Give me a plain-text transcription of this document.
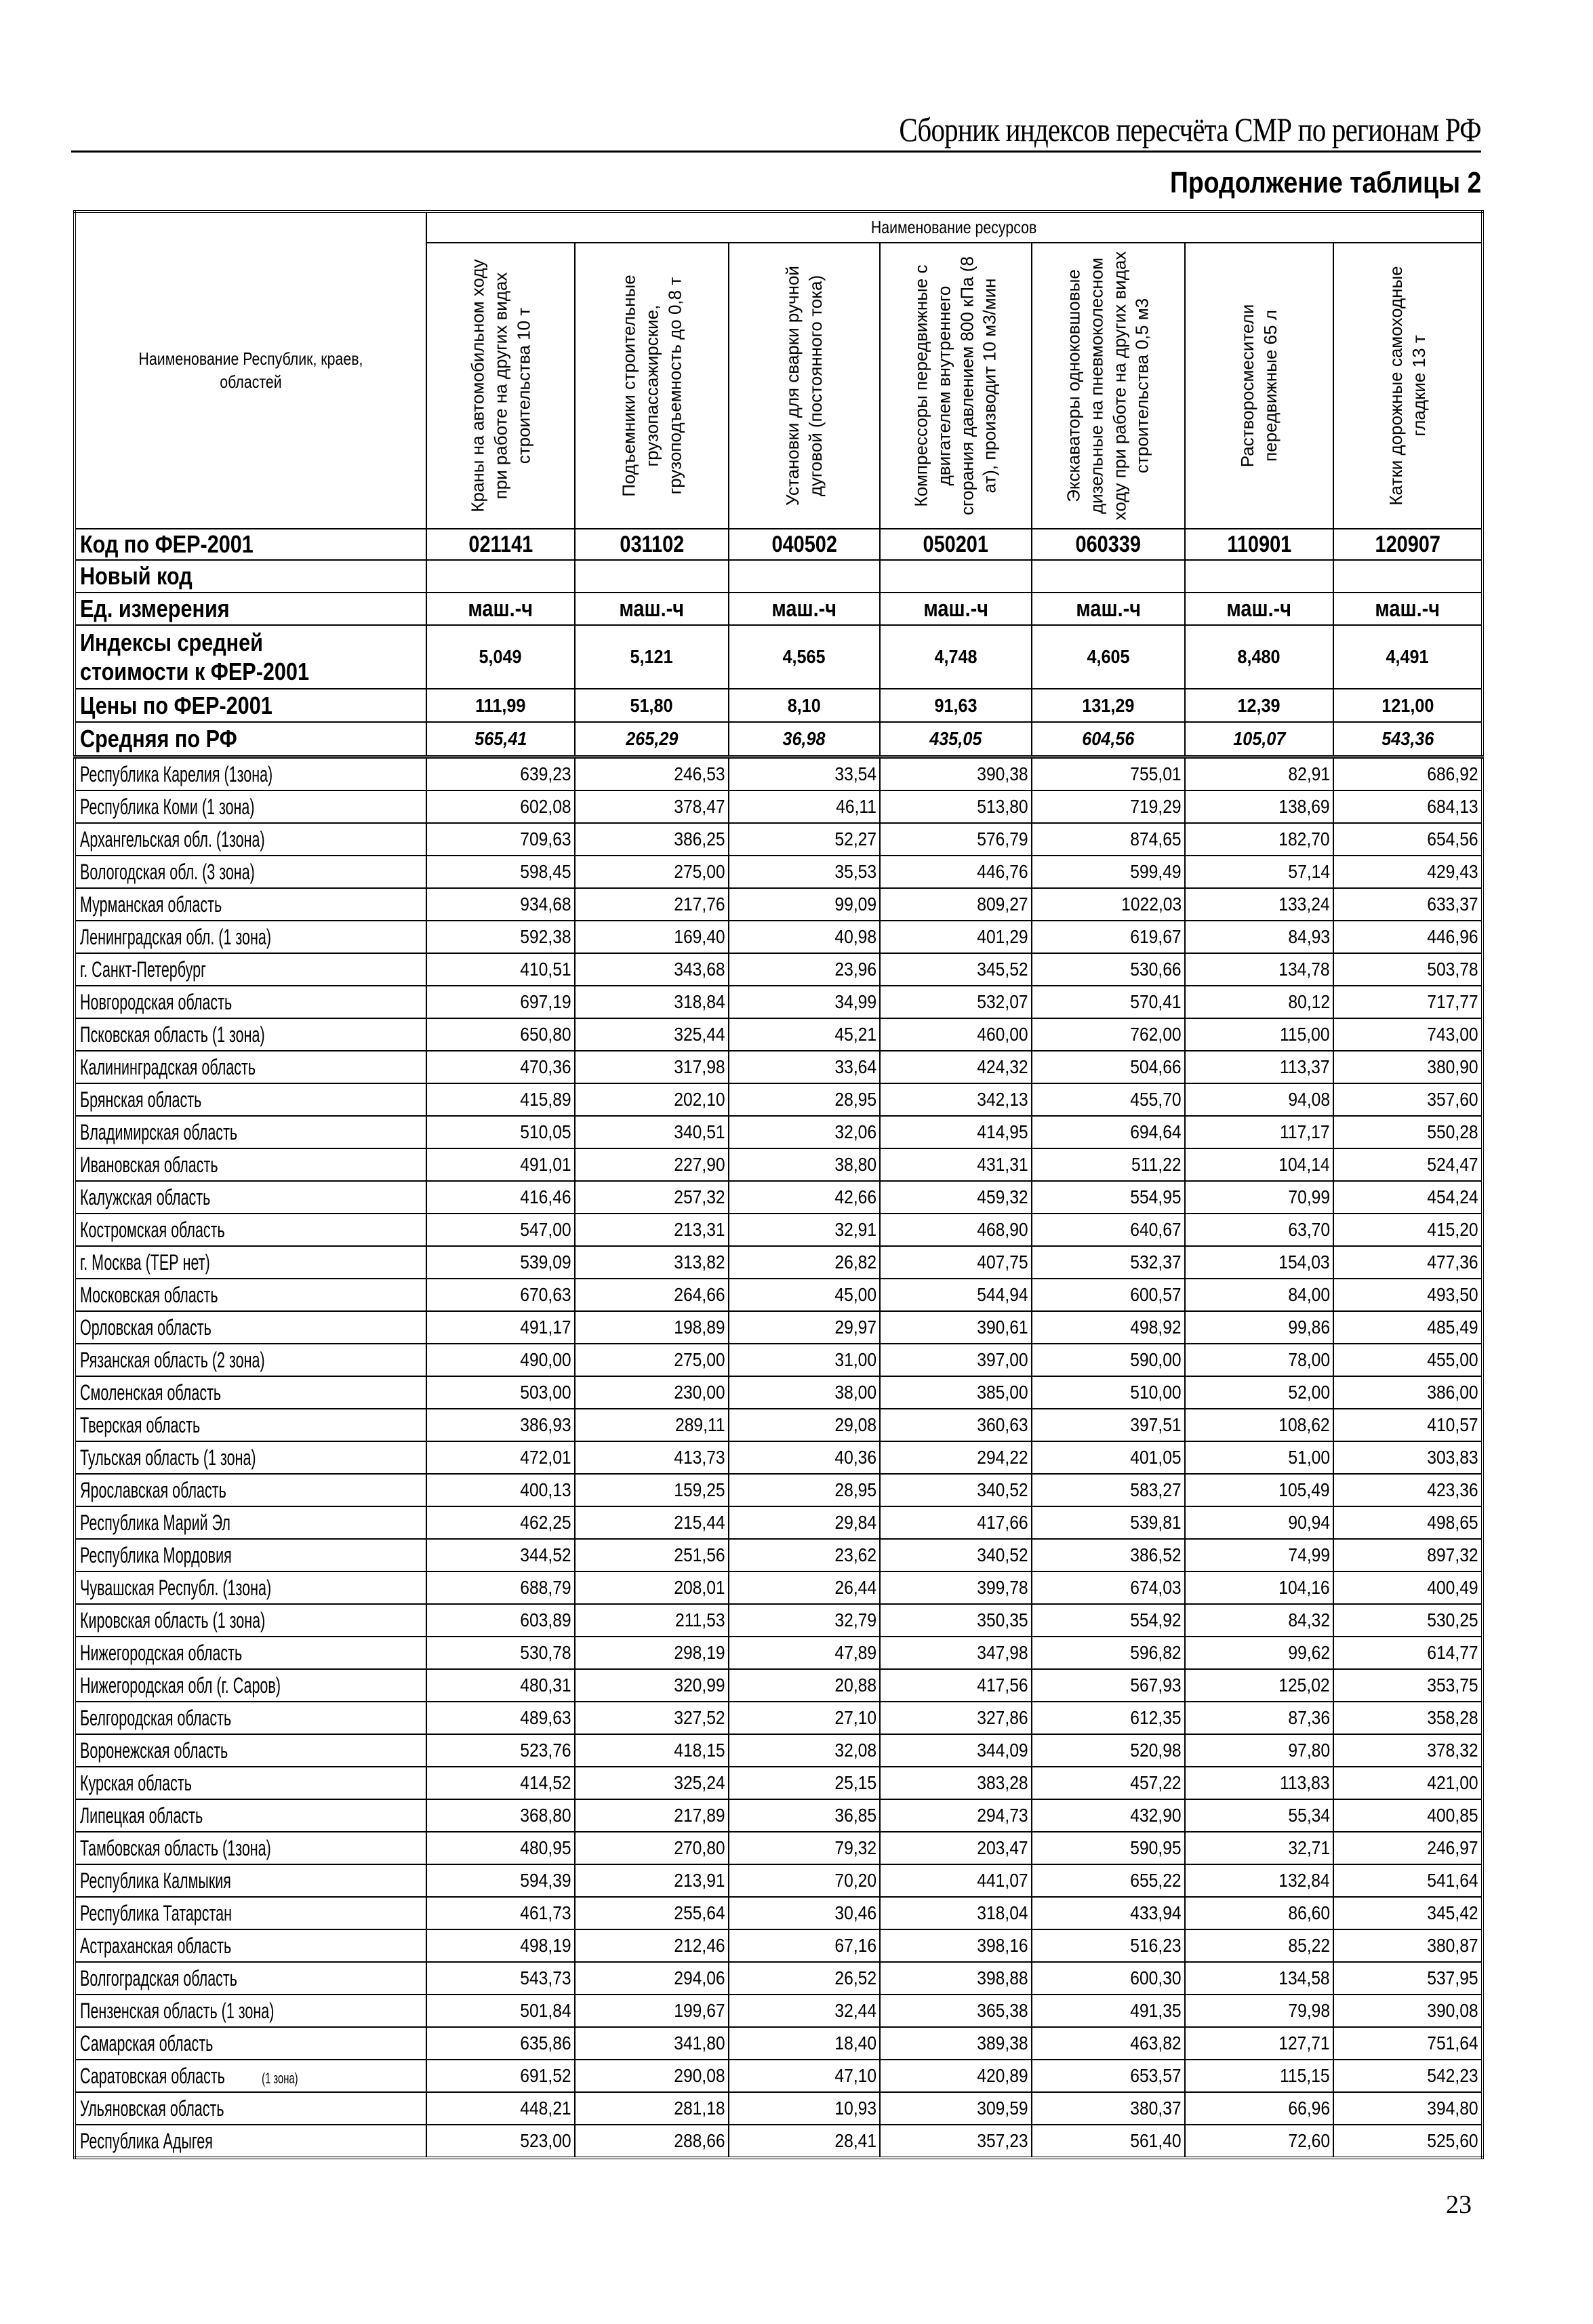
Сборник индексов пересчёта СМР по регионам РФ
Продолжение таблицы 2
Наименование Республик, краев, областей	Наименование ресурсов						

	Краны на автомобильном ходу при работе на других видах строительства 10 т	Подъемники строительные грузопассажирские, грузоподъемность до 0,8 т	Установки для сварки ручной дуговой (постоянного тока)	Компрессоры передвижные с двигателем внутреннего сгорания давлением 800 кПа (8 ат), производит 10 м3/мин	Экскаваторы одноковшовые дизельные на пневмоколесном ходу при работе на других видах строительства 0,5 м3	Растворосмесители передвижные 65 л	Катки дорожные самоходные гладкие 13 т

Код по ФЕР-2001	021141	031102	040502	050201	060339	110901	120907
Новый код							
Ед. измерения	маш.-ч	маш.-ч	маш.-ч	маш.-ч	маш.-ч	маш.-ч	маш.-ч
Индексы средней стоимости к ФЕР-2001	5,049	5,121	4,565	4,748	4,605	8,480	4,491
Цены по ФЕР-2001	111,99	51,80	8,10	91,63	131,29	12,39	121,00
Средняя по РФ	565,41	265,29	36,98	435,05	604,56	105,07	543,36
Республика Карелия (1зона)	639,23	246,53	33,54	390,38	755,01	82,91	686,92
Республика Коми (1 зона)	602,08	378,47	46,11	513,80	719,29	138,69	684,13
Архангельская обл. (1зона)	709,63	386,25	52,27	576,79	874,65	182,70	654,56
Вологодская обл. (3 зона)	598,45	275,00	35,53	446,76	599,49	57,14	429,43
Мурманская область	934,68	217,76	99,09	809,27	1022,03	133,24	633,37
Ленинградская обл. (1 зона)	592,38	169,40	40,98	401,29	619,67	84,93	446,96
г. Санкт-Петербург	410,51	343,68	23,96	345,52	530,66	134,78	503,78
Новгородская область	697,19	318,84	34,99	532,07	570,41	80,12	717,77
Псковская область (1 зона)	650,80	325,44	45,21	460,00	762,00	115,00	743,00
Калининградская область	470,36	317,98	33,64	424,32	504,66	113,37	380,90
Брянская область	415,89	202,10	28,95	342,13	455,70	94,08	357,60
Владимирская область	510,05	340,51	32,06	414,95	694,64	117,17	550,28
Ивановская область	491,01	227,90	38,80	431,31	511,22	104,14	524,47
Калужская область	416,46	257,32	42,66	459,32	554,95	70,99	454,24
Костромская область	547,00	213,31	32,91	468,90	640,67	63,70	415,20
г. Москва (ТЕР нет)	539,09	313,82	26,82	407,75	532,37	154,03	477,36
Московская область	670,63	264,66	45,00	544,94	600,57	84,00	493,50
Орловская область	491,17	198,89	29,97	390,61	498,92	99,86	485,49
Рязанская область (2 зона)	490,00	275,00	31,00	397,00	590,00	78,00	455,00
Смоленская область	503,00	230,00	38,00	385,00	510,00	52,00	386,00
Тверская область	386,93	289,11	29,08	360,63	397,51	108,62	410,57
Тульская область (1 зона)	472,01	413,73	40,36	294,22	401,05	51,00	303,83
Ярославская область	400,13	159,25	28,95	340,52	583,27	105,49	423,36
Республика Марий Эл	462,25	215,44	29,84	417,66	539,81	90,94	498,65
Республика Мордовия	344,52	251,56	23,62	340,52	386,52	74,99	897,32
Чувашская Республ. (1зона)	688,79	208,01	26,44	399,78	674,03	104,16	400,49
Кировская область (1 зона)	603,89	211,53	32,79	350,35	554,92	84,32	530,25
Нижегородская область	530,78	298,19	47,89	347,98	596,82	99,62	614,77
Нижегородская обл (г. Саров)	480,31	320,99	20,88	417,56	567,93	125,02	353,75
Белгородская область	489,63	327,52	27,10	327,86	612,35	87,36	358,28
Воронежская область	523,76	418,15	32,08	344,09	520,98	97,80	378,32
Курская область	414,52	325,24	25,15	383,28	457,22	113,83	421,00
Липецкая область	368,80	217,89	36,85	294,73	432,90	55,34	400,85
Тамбовская область (1зона)	480,95	270,80	79,32	203,47	590,95	32,71	246,97
Республика Калмыкия	594,39	213,91	70,20	441,07	655,22	132,84	541,64
Республика Татарстан	461,73	255,64	30,46	318,04	433,94	86,60	345,42
Астраханская область	498,19	212,46	67,16	398,16	516,23	85,22	380,87
Волгоградская область	543,73	294,06	26,52	398,88	600,30	134,58	537,95
Пензенская область (1 зона)	501,84	199,67	32,44	365,38	491,35	79,98	390,08
Самарская область	635,86	341,80	18,40	389,38	463,82	127,71	751,64
Саратовская область (1 зона)	691,52	290,08	47,10	420,89	653,57	115,15	542,23
Ульяновская область	448,21	281,18	10,93	309,59	380,37	66,96	394,80
Республика Адыгея	523,00	288,66	28,41	357,23	561,40	72,60	525,60
23
